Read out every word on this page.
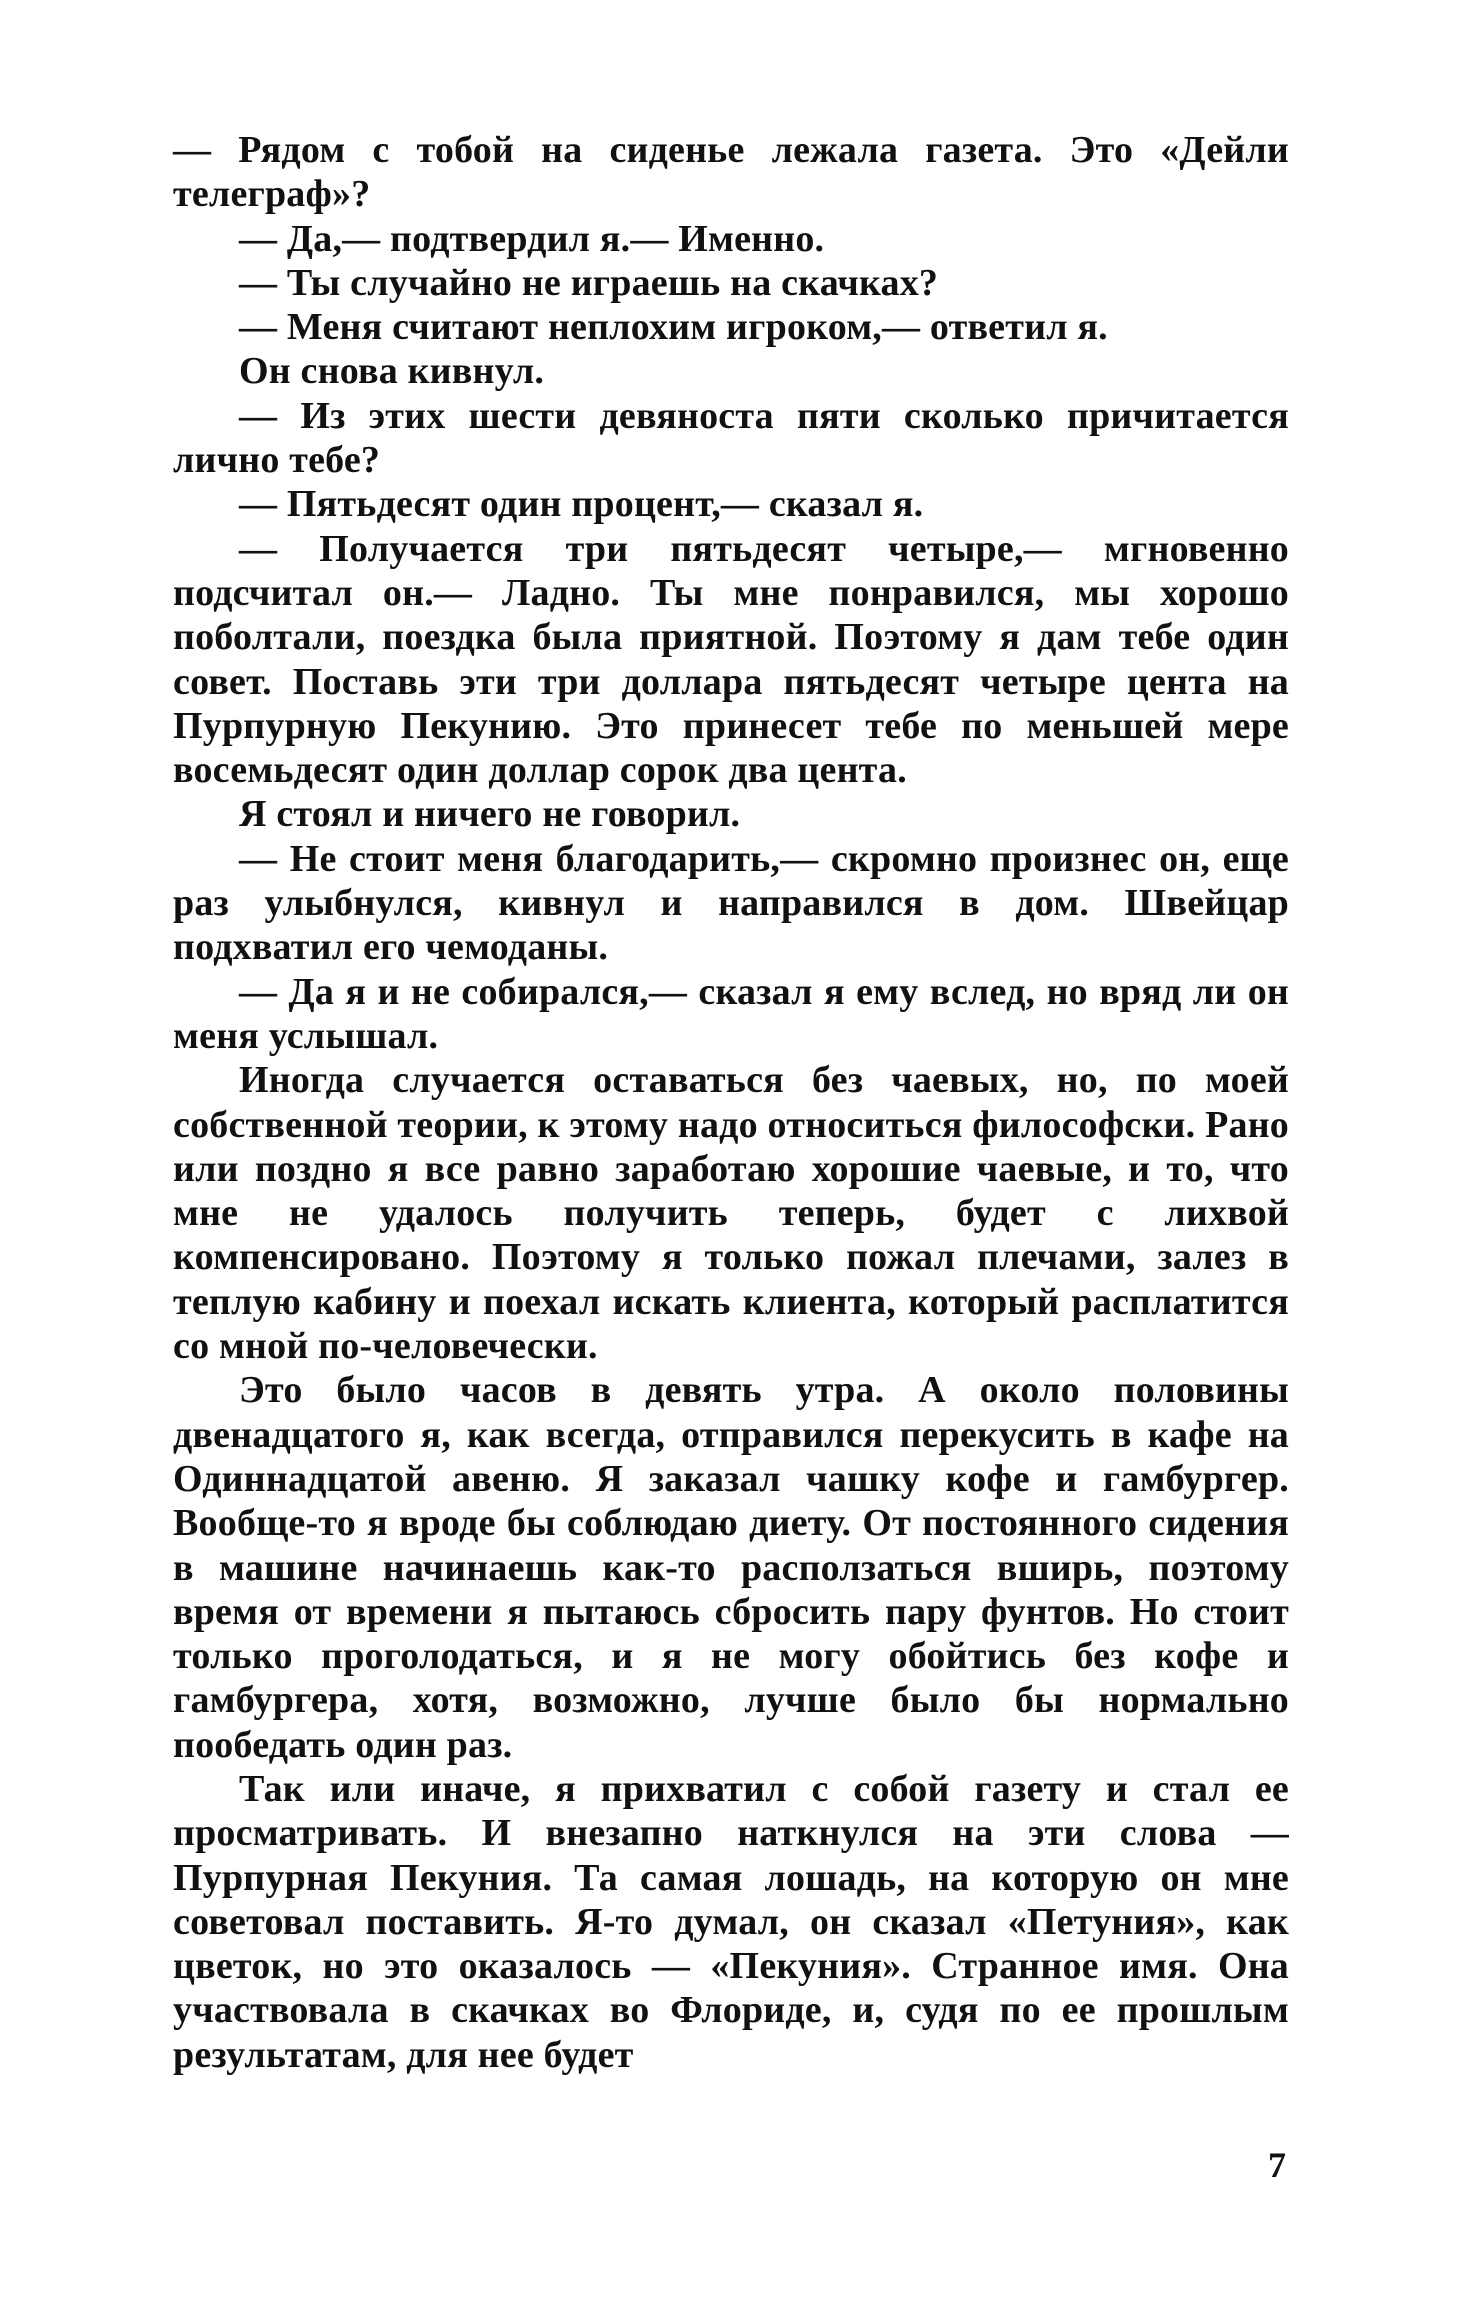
— Рядом с тобой на сиденье лежала газета. Это «Дейли телеграф»?

— Да,— подтвердил я.— Именно.

— Ты случайно не играешь на скачках?

— Меня считают неплохим игроком,— ответил я.

Он снова кивнул.

— Из этих шести девяноста пяти сколько причитается лично тебе?

— Пятьдесят один процент,— сказал я.

— Получается три пятьдесят четыре,— мгновенно подсчитал он.— Ладно. Ты мне понравился, мы хорошо поболтали, поездка была приятной. Поэтому я дам тебе один совет. Поставь эти три доллара пятьдесят четыре цента на Пурпурную Пекунию. Это принесет тебе по меньшей мере восемьдесят один доллар сорок два цента.

Я стоял и ничего не говорил.

— Не стоит меня благодарить,— скромно произнес он, еще раз улыбнулся, кивнул и направился в дом. Швейцар подхватил его чемоданы.

— Да я и не собирался,— сказал я ему вслед, но вряд ли он меня услышал.

Иногда случается оставаться без чаевых, но, по моей собственной теории, к этому надо относиться философски. Рано или поздно я все равно заработаю хорошие чаевые, и то, что мне не удалось получить теперь, будет с лихвой компенсировано. Поэтому я только пожал плечами, залез в теплую кабину и поехал искать клиента, который расплатится со мной по-человечески.

Это было часов в девять утра. А около половины двенадцатого я, как всегда, отправился перекусить в кафе на Одиннадцатой авеню. Я заказал чашку кофе и гамбургер. Вообще-то я вроде бы соблюдаю диету. От постоянного сидения в машине начинаешь как-то расползаться вширь, поэтому время от времени я пытаюсь сбросить пару фунтов. Но стоит только проголодаться, и я не могу обойтись без кофе и гамбургера, хотя, возможно, лучше было бы нормально пообедать один раз.

Так или иначе, я прихватил с собой газету и стал ее просматривать. И внезапно наткнулся на эти слова — Пурпурная Пекуния. Та самая лошадь, на которую он мне советовал поставить. Я-то думал, он сказал «Петуния», как цветок, но это оказалось — «Пекуния». Странное имя. Она участвовала в скачках во Флориде, и, судя по ее прошлым результатам, для нее будет

7
